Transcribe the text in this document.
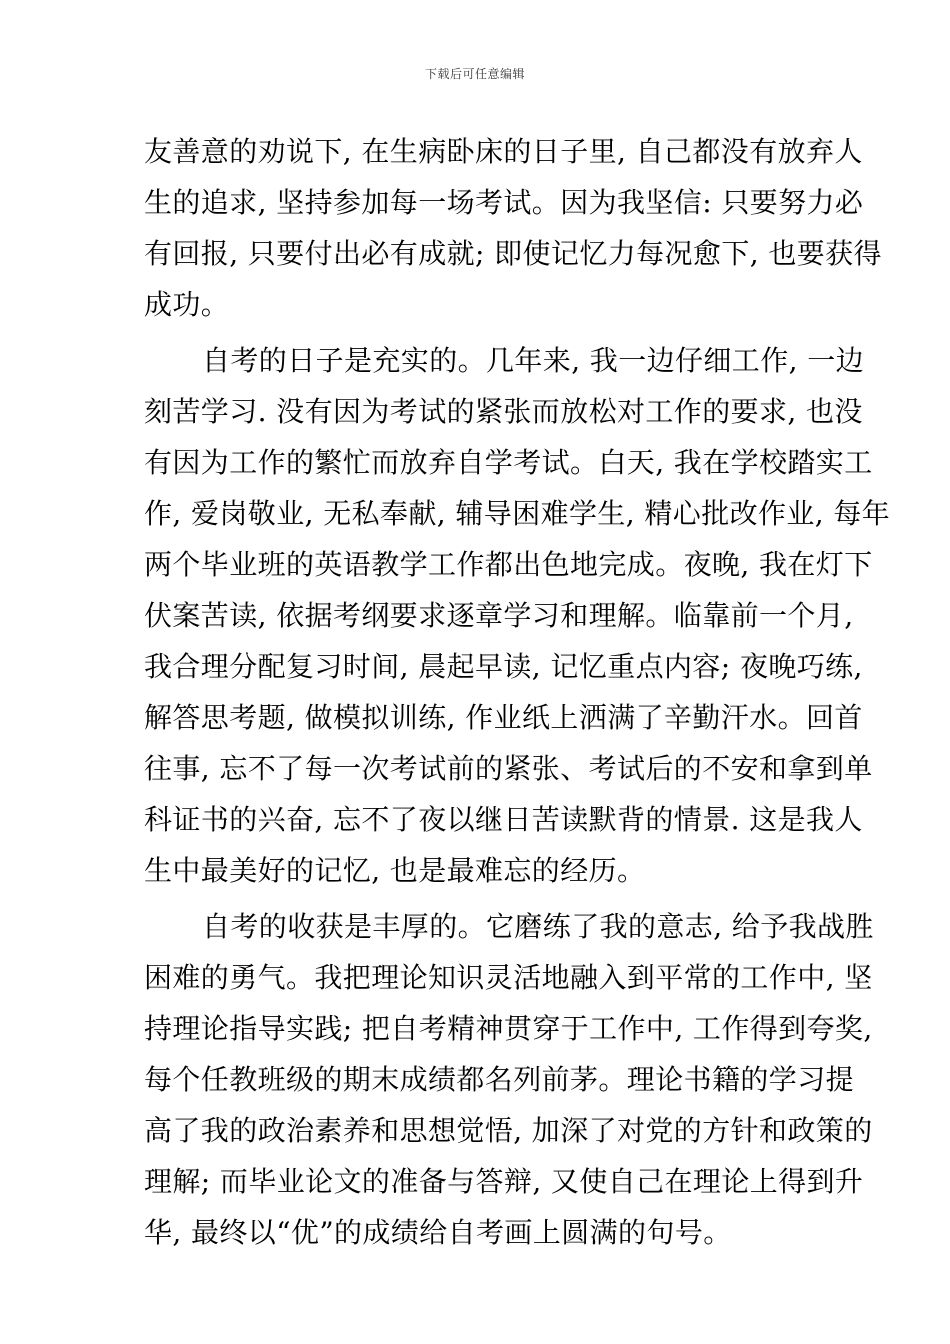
下载后可任意编辑
友善意的劝说下, 在生病卧床的日子里, 自己都没有放弃人
生的追求, 坚持参加每一场考试。因为我坚信: 只要努力必
有回报, 只要付出必有成就; 即使记忆力每况愈下, 也要获得
成功。
自考的日子是充实的。几年来, 我一边仔细工作, 一边
刻苦学习. 没有因为考试的紧张而放松对工作的要求, 也没
有因为工作的繁忙而放弃自学考试。白天, 我在学校踏实工
作, 爱岗敬业, 无私奉献, 辅导困难学生, 精心批改作业, 每年
两个毕业班的英语教学工作都出色地完成。夜晚, 我在灯下
伏案苦读, 依据考纲要求逐章学习和理解。临靠前一个月,
我合理分配复习时间, 晨起早读, 记忆重点内容; 夜晚巧练,
解答思考题, 做模拟训练, 作业纸上洒满了辛勤汗水。回首
往事, 忘不了每一次考试前的紧张、考试后的不安和拿到单
科证书的兴奋, 忘不了夜以继日苦读默背的情景. 这是我人
生中最美好的记忆, 也是最难忘的经历。
自考的收获是丰厚的。它磨练了我的意志, 给予我战胜
困难的勇气。我把理论知识灵活地融入到平常的工作中, 坚
持理论指导实践; 把自考精神贯穿于工作中, 工作得到夸奖,
每个任教班级的期末成绩都名列前茅。理论书籍的学习提
高了我的政治素养和思想觉悟, 加深了对党的方针和政策的
理解; 而毕业论文的准备与答辩, 又使自己在理论上得到升
华, 最终以“优”的成绩给自考画上圆满的句号。
